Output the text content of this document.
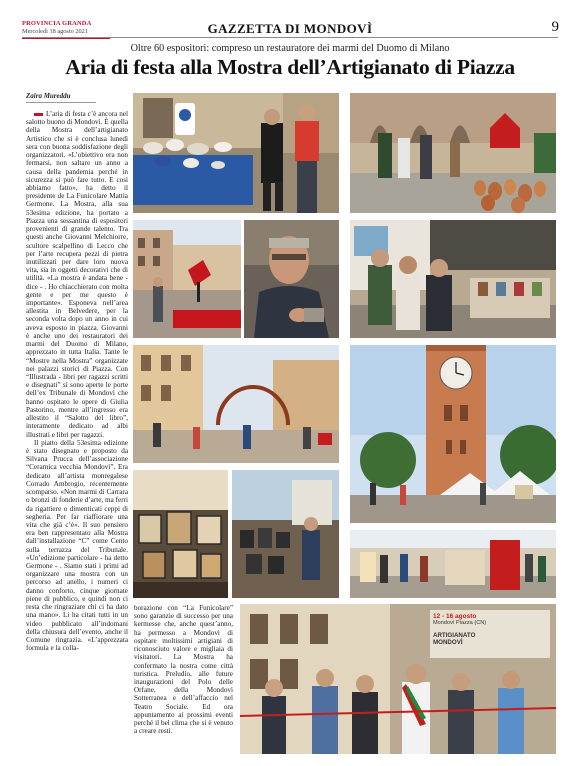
PROVINCIA GRANDA
Mercoledì 18 agosto 2021	GAZZETTA DI MONDOVÌ	9
Oltre 60 espositori: compreso un restauratore dei marmi del Duomo di Milano
Aria di festa alla Mostra dell’Artigianato di Piazza
Zaira Mureddu

L’aria di festa c’è ancora nel salotto buono di Mondovì. È quella della Mostra dell’artigianato Artistico che si è conclusa lunedì sera con buona soddisfazione degli organizzatori. «L’obiettivo era non fermarsi, non saltare un anno a causa della pandemia perché in sicurezza si può fare tutto. E così abbiamo fatto», ha detto il presidente de La Funicolare Mattia Germone. La Mostra, alla sua 53esima edizione, ha portato a Piazza una sessantina di espositori provenienti di grande talento. Tra questi anche Giovanni Melchiorre, scultore scalpellino di Lecco che per l’arte recupera pezzi di pietra inutilizzati per dare loro nuova vita, sia in oggetti decorativi che di utilità. «La mostra è andata bene - dice - . Ho chiacchierato con molta gente e per me questo è importante». Esponeva nell’area allestita in Belvedere, per la seconda volta dopo un anno in cui aveva esposto in piazza. Giovanni è anche uno dei restauratori dei marmi del Duomo di Milano, apprezzato in tutta Italia. Tante le “Mostre nella Mostra” organizzate nei palazzi storici di Piazza. Con “Illustrada - libri per ragazzi scritti e disegnati” si sono aperte le porte dell’ex Tribunale di Mondovì che hanno ospitato le opere di Giulia Pastorino, mentre all’ingresso era allestito il “Salotto del libro”, interamente dedicato ad albi illustrati e libri per ragazzi.

Il piatto della 53esima edizione è stato disegnato e proposto da Silvana Prucca dell’associazione “Ceramica vecchia Mondovì”. Era dedicato all’artista monregalese Corrado Ambrogio, recentemente scomparso. «Non marmi di Carrara o bronzi di fonderie d’arte, ma ferri da rigattiere o dimenticati ceppi di segheria. Per far riaffiorare una vita che già c’è». Il suo pensiero era ben rappresentato alla Mostra dall’installazione “C” come Cento sulla terrazza del Tribunale. «Un’edizione particolare - ha detto Germone - . Siamo stati i primi ad organizzare una mostra con un percorso ad anello, i numeri ci danno conforto, cinque giornate piene di pubblico, e quindi non ci resta che ringraziare chi ci ha dato una mano». Li ha citati tutti in un video pubblicato all’indomani della chiusura dell’evento, anche il Comune ringrazia. «L’apprezzata formula e la colla-

borazione con “La Funicolare” sono garanzie di successo per una kermesse che, anche quest’anno, ha permesso a Mondovì di ospitare moltissimi artigiani di riconosciuto valore e migliaia di visitatori. La Mostra ha confermato la nostra come città turistica. Preludio, alle future inaugurazioni del Polo delle Orfane, della Mondovì Sotterranea e dell’affaccio nel Teatro Sociale. Ed ora appuntamento ai prossimi eventi perché il bel clima che si è venuto a creare resti.

12 - 16 agosto
Mondovì Piazza (CN)
ARTIGIANATO
MONDOVÌ
